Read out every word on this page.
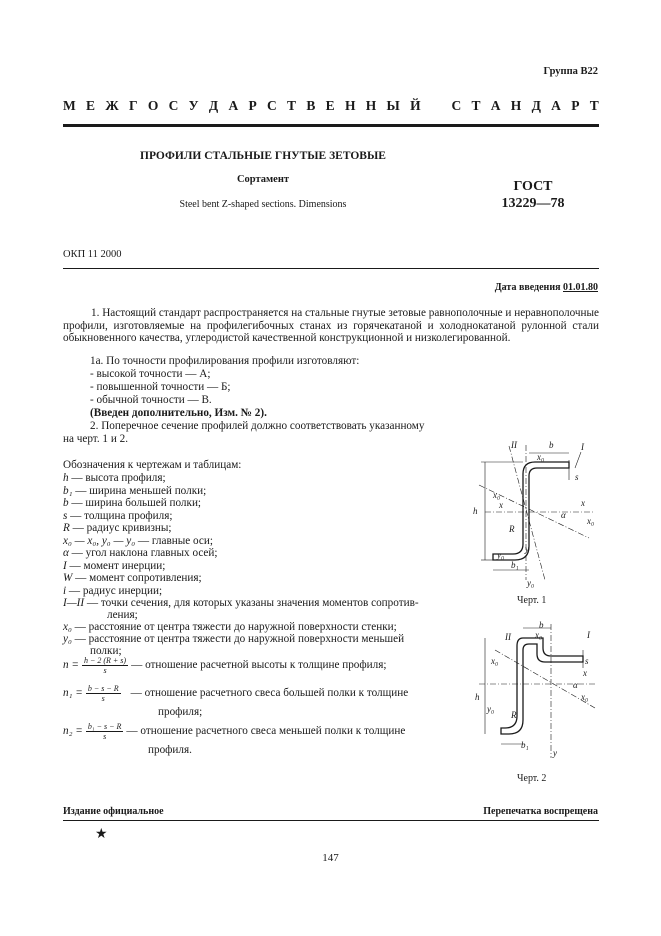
Группа В22
М Е Ж Г О С У Д А Р С Т В Е Н Н Ы Й С Т А Н Д А Р Т
ПРОФИЛИ СТАЛЬНЫЕ ГНУТЫЕ ЗЕТОВЫЕ
Сортамент
Steel bent Z-shaped sections. Dimensions
ГОСТ
13229—78
ОКП 11 2000
Дата введения 01.01.80
1. Настоящий стандарт распространяется на стальные гнутые зетовые равнополочные и неравнополочные профили, изготовляемые на профилегибочных станах из горячекатаной и холоднокатаной рулонной стали обыкновенного качества, углеродистой качественной конструкционной и низколегированной.
1а. По точности профилирования профили изготовляют:
- высокой точности — А;
- повышенной точности — Б;
- обычной точности — В.
(Введен дополнительно, Изм. № 2).
2. Поперечное сечение профилей должно соответствовать указанному
на черт. 1 и 2.
Обозначения к чертежам и таблицам:
h — высота профиля;
b₁ — ширина меньшей полки;
b — ширина большей полки;
s — толщина профиля;
R — радиус кривизны;
x₀ — x₀, y₀ — y₀ — главные оси;
α — угол наклона главных осей;
I — момент инерции;
W — момент сопротивления;
i — радиус инерции;
I—II — точки сечения, для которых указаны значения моментов сопротив-
ления;
x₀ — расстояние от центра тяжести до наружной поверхности стенки;
y₀ — расстояние от центра тяжести до наружной поверхности меньшей
полки;
$n = \frac{h - 2 (R + s)}{s}$ — отношение расчетной высоты к толщине профиля;
$n_1 = \frac{b - s - R}{s}$ — отношение расчетного свеса большей полки к толщине
профиля;
$n_2 = \frac{\text{b₁ − s − R}}{s}$ — отношение расчетного свеса меньшей полки к толщине
профиля.
II	b
x₀
I
s
h
x₀
x	x
x₀
α
R
y
y₀
b₁
y₀
Черт. 1
II
b
x₀	I
s
h
x₀
y₀
x
α
x₀
R
b₁
y
Черт. 2
Издание официальное	Перепечатка воспрещена
★
147
